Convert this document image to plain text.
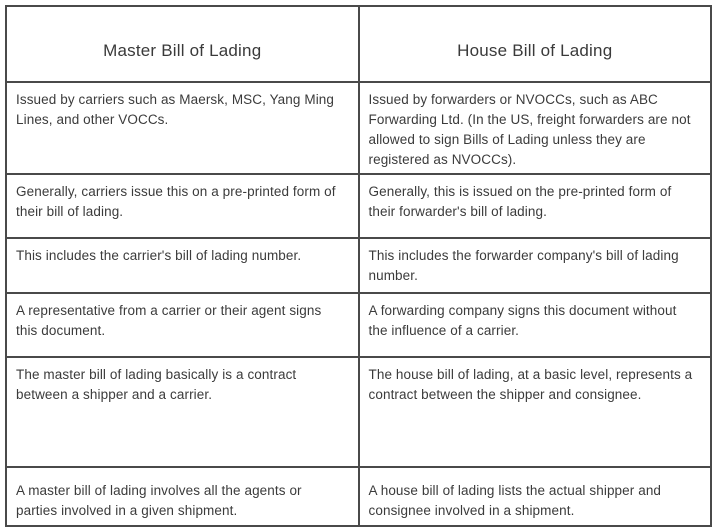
Master Bill of Lading	House Bill of Lading
Issued by carriers such as Maersk, MSC, Yang Ming Lines, and other VOCCs.
Issued by forwarders or NVOCCs, such as ABC Forwarding Ltd. (In the US, freight forwarders are not allowed to sign Bills of Lading unless they are registered as NVOCCs).
Generally, carriers issue this on a pre-printed form of their bill of lading.
Generally, this is issued on the pre-printed form of their forwarder's bill of lading.
This includes the carrier's bill of lading number.	This includes the forwarder company's bill of lading number.
A representative from a carrier or their agent signs this document.
A forwarding company signs this document without the influence of a carrier.
The master bill of lading basically is a contract between a shipper and a carrier.
The house bill of lading, at a basic level, represents a contract between the shipper and consignee.
A master bill of lading involves all the agents or parties involved in a given shipment.
A house bill of lading lists the actual shipper and consignee involved in a shipment.
